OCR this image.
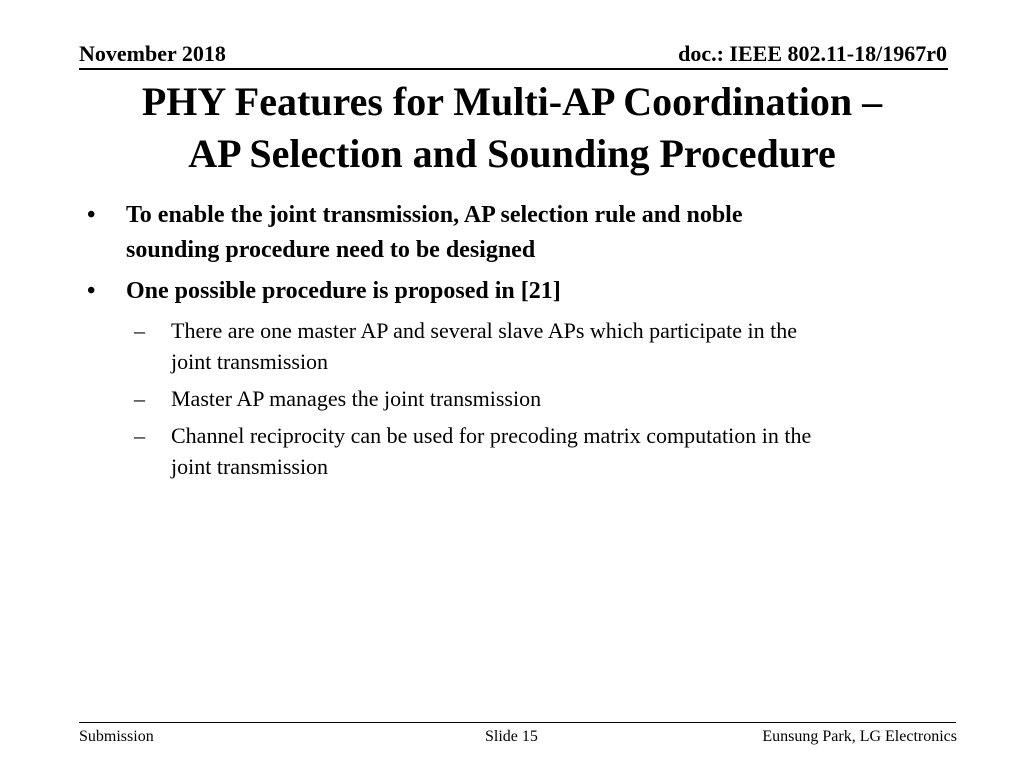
November 2018	doc.: IEEE 802.11-18/1967r0
PHY Features for Multi-AP Coordination –
AP Selection and Sounding Procedure
• To enable the joint transmission, AP selection rule and noble
sounding procedure need to be designed
• One possible procedure is proposed in [21]
– There are one master AP and several slave APs which participate in the
joint transmission
– Master AP manages the joint transmission
– Channel reciprocity can be used for precoding matrix computation in the
joint transmission
Submission	Slide 15	Eunsung Park, LG Electronics
